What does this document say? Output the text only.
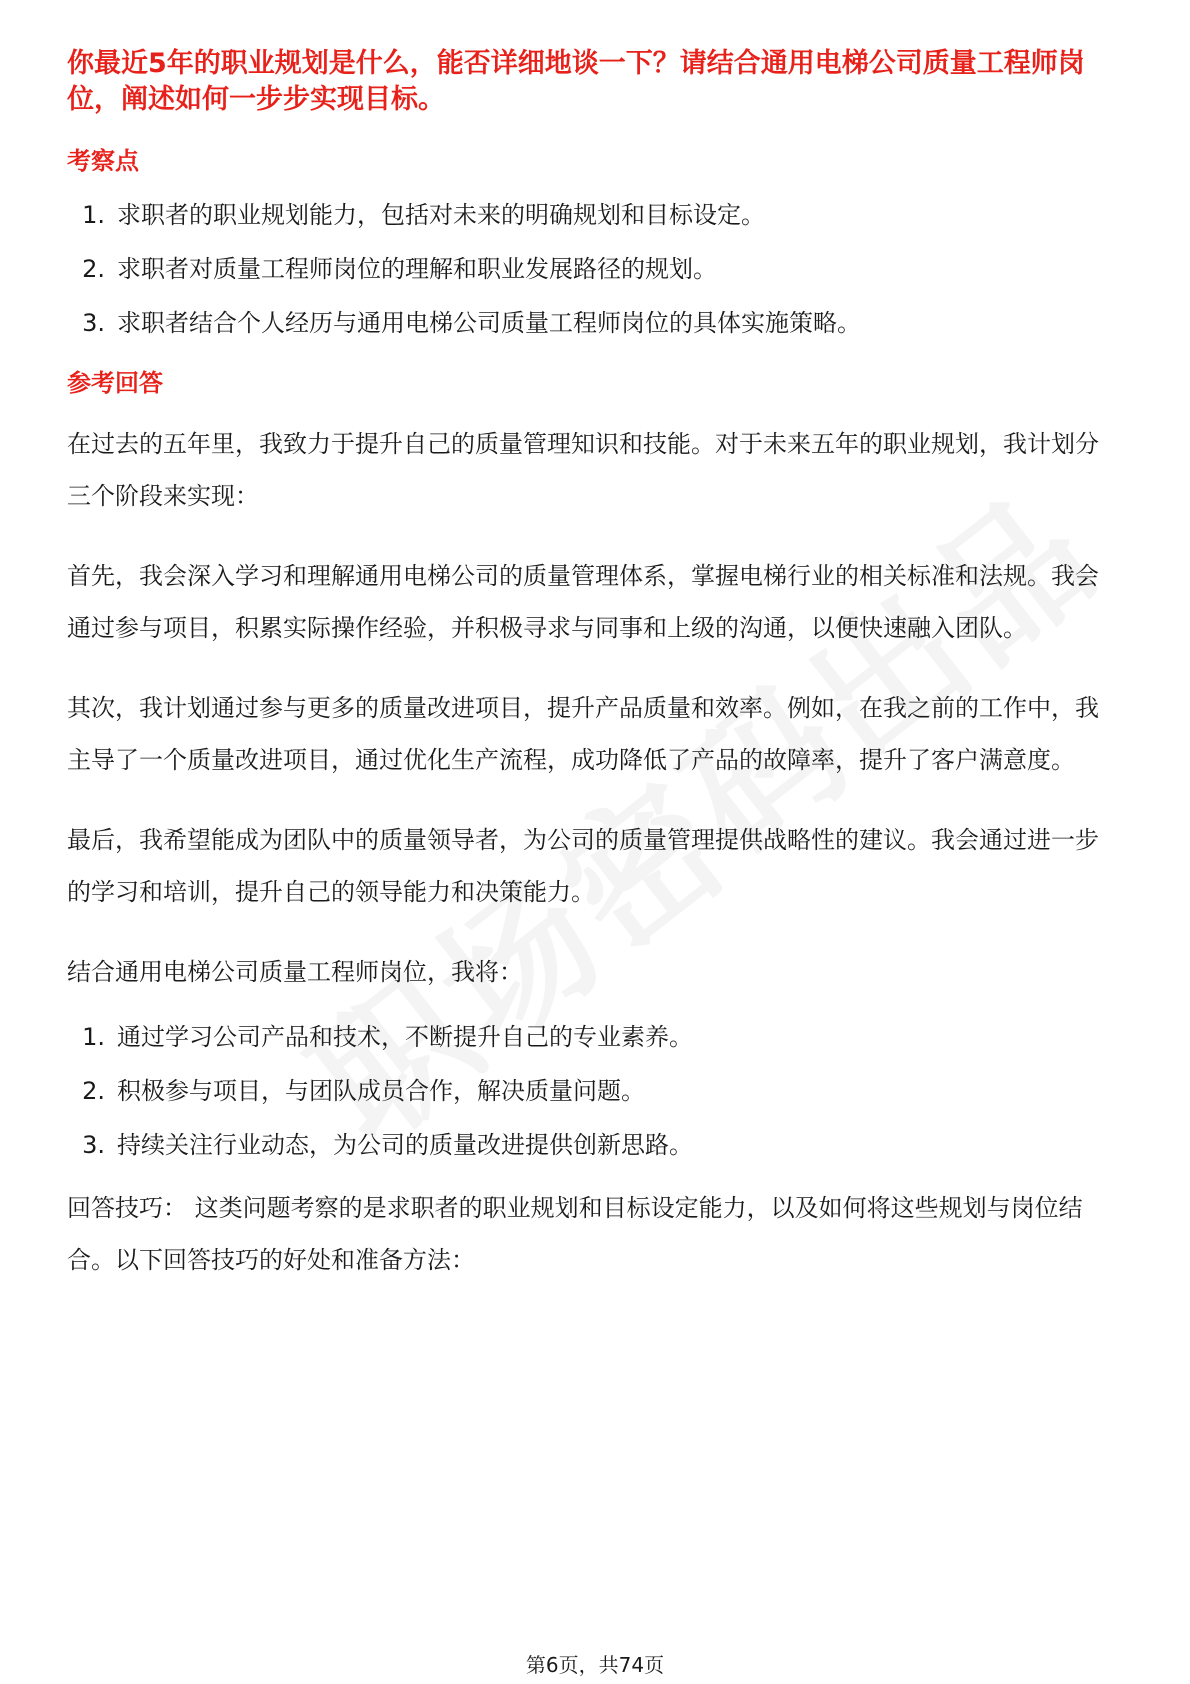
你最近5年的职业规划是什么，能否详细地谈一下？请结合通用电梯公司质量工程师岗位，阐述如何一步步实现目标。

考察点
1. 求职者的职业规划能力，包括对未来的明确规划和目标设定。
2. 求职者对质量工程师岗位的理解和职业发展路径的规划。
3. 求职者结合个人经历与通用电梯公司质量工程师岗位的具体实施策略。
参考回答

在过去的五年里，我致力于提升自己的质量管理知识和技能。对于未来五年的职业规划，我计划分三个阶段来实现：

首先，我会深入学习和理解通用电梯公司的质量管理体系，掌握电梯行业的相关标准和法规。我会通过参与项目，积累实际操作经验，并积极寻求与同事和上级的沟通，以便快速融入团队。

其次，我计划通过参与更多的质量改进项目，提升产品质量和效率。例如，在我之前的工作中，我主导了一个质量改进项目，通过优化生产流程，成功降低了产品的故障率，提升了客户满意度。

最后，我希望能成为团队中的质量领导者，为公司的质量管理提供战略性的建议。我会通过进一步的学习和培训，提升自己的领导能力和决策能力。

结合通用电梯公司质量工程师岗位，我将：

1. 通过学习公司产品和技术，不断提升自己的专业素养。
2. 积极参与项目，与团队成员合作，解决质量问题。
3. 持续关注行业动态，为公司的质量改进提供创新思路。

回答技巧： 这类问题考察的是求职者的职业规划和目标设定能力，以及如何将这些规划与岗位结合。以下回答技巧的好处和准备方法：

第6页，共74页
